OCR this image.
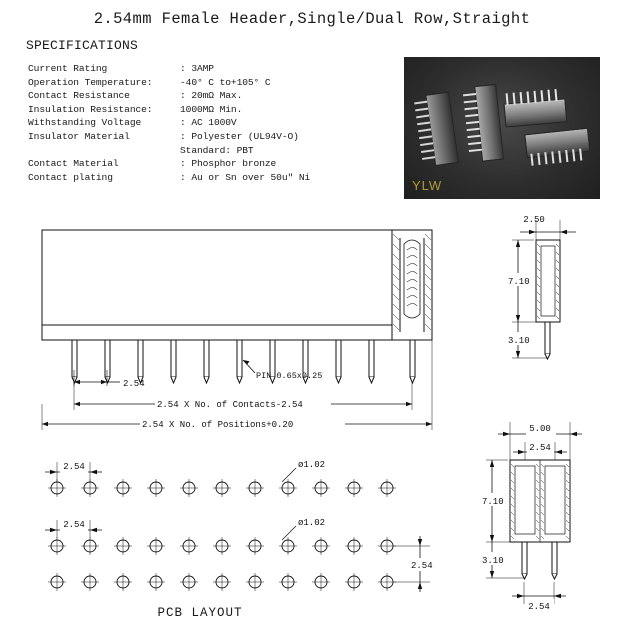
2.54mm Female Header,Single/Dual Row,Straight
SPECIFICATIONS
Current Rating	: 3AMP
Operation Temperature:	-40° C to+105° C
Contact Resistance	: 20mΩ Max.
Insulation Resistance:	1000MΩ Min.
Withstanding Voltage	: AC 1000V
Insulator Material	: Polyester (UL94V-O)
Standard: PBT
Contact Material	: Phosphor bronze
Contact plating	: Au or Sn over 50u" Ni
YLW
2.54
PIN 0.65x0.25
2.54 X No. of Contacts-2.54
2.54 X No. of Positions+0.20
2.50
7.10
3.10
5.00
2.54
7.10
3.10
2.54
2.54	ø1.02
2.54	ø1.02
2.54
PCB LAYOUT
